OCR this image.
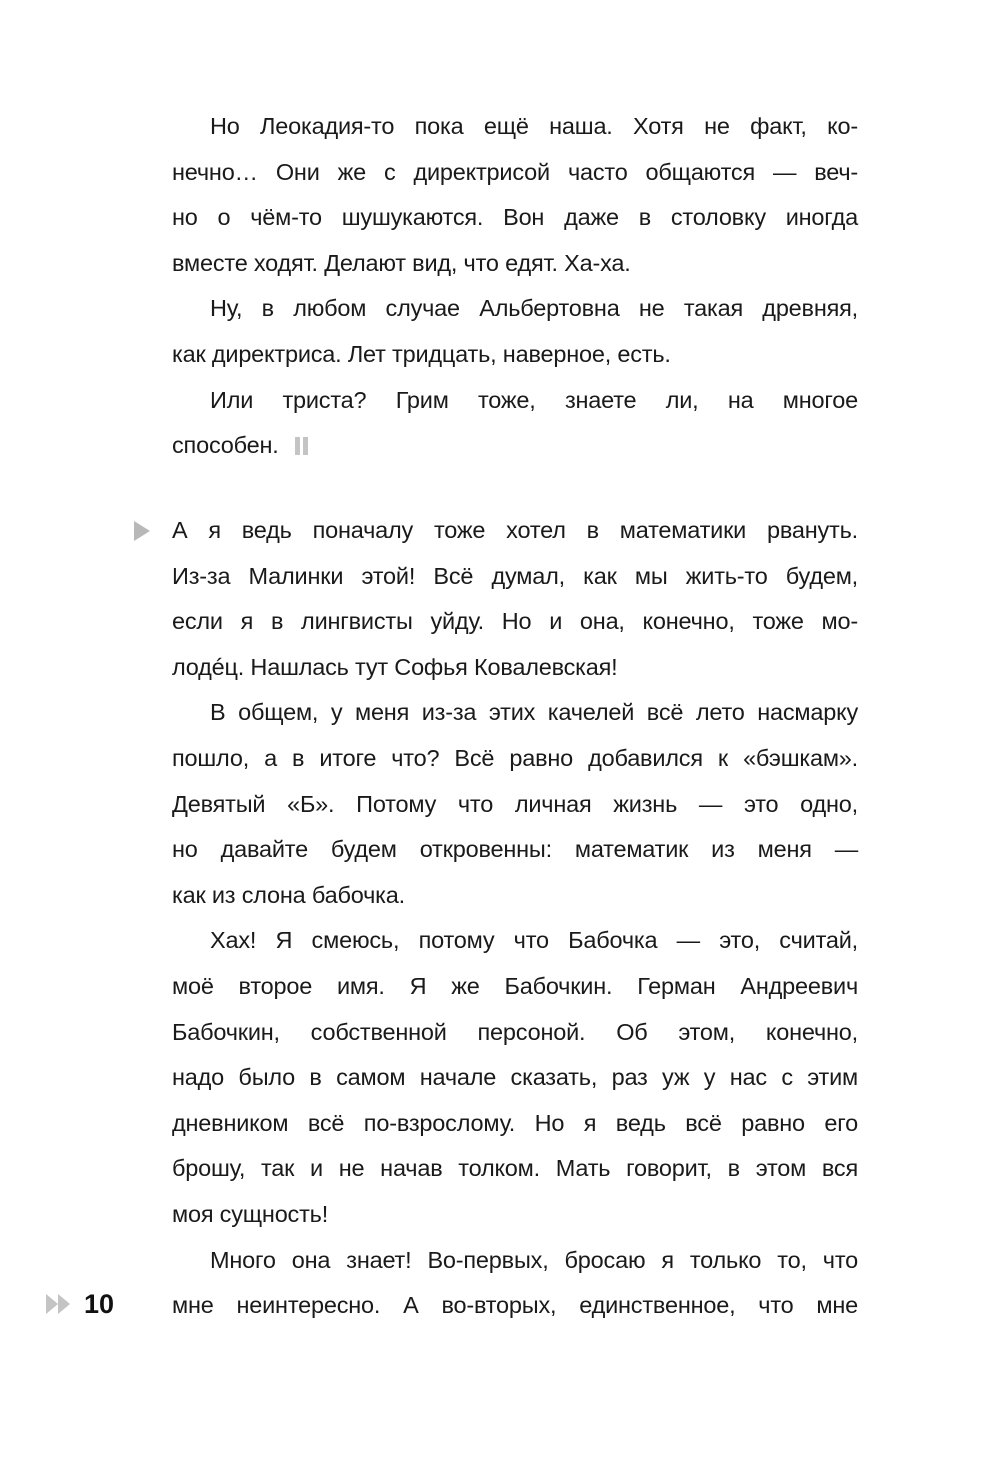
Но Леокадия-то пока ещё наша. Хотя не факт, ко-
нечно… Они же с директрисой часто общаются — веч-
но о чём-то шушукаются. Вон даже в столовку иногда
вместе ходят. Делают вид, что едят. Ха-ха.
Ну, в любом случае Альбертовна не такая древняя,
как директриса. Лет тридцать, наверное, есть.
Или триста? Грим тоже, знаете ли, на многое
способен.
А я ведь поначалу тоже хотел в математики рвануть.
Из-за Малинки этой! Всё думал, как мы жить-то будем,
если я в лингвисты уйду. Но и она, конечно, тоже мо-
лодéц. Нашлась тут Софья Ковалевская!
В общем, у меня из-за этих качелей всё лето насмарку
пошло, а в итоге что? Всё равно добавился к «бэшкам».
Девятый «Б». Потому что личная жизнь — это одно,
но давайте будем откровенны: математик из меня —
как из слона бабочка.
Хах! Я смеюсь, потому что Бабочка — это, считай,
моё второе имя. Я же Бабочкин. Герман Андреевич
Бабочкин, собственной персоной. Об этом, конечно,
надо было в самом начале сказать, раз уж у нас с этим
дневником всё по-взрослому. Но я ведь всё равно его
брошу, так и не начав толком. Мать говорит, в этом вся
моя сущность!
Много она знает! Во-первых, бросаю я только то, что
мне неинтересно. А во-вторых, единственное, что мне
10
